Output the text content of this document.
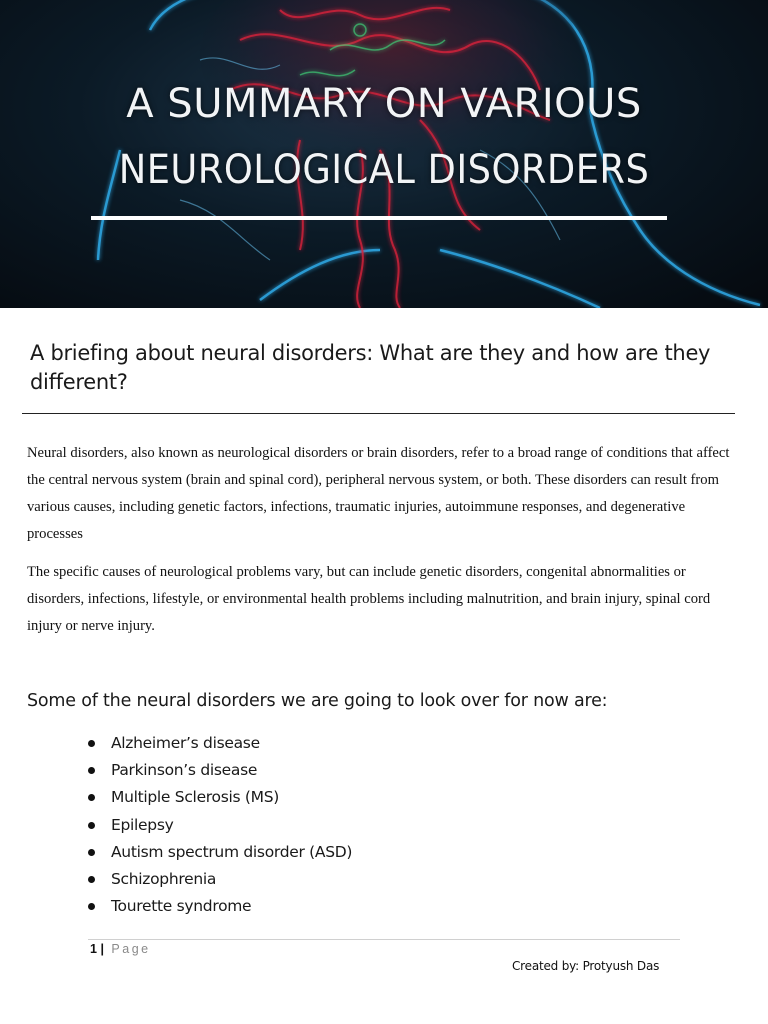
A SUMMARY ON VARIOUS
NEUROLOGICAL DISORDERS
A briefing about neural disorders: What are they and how are they different?
Neural disorders, also known as neurological disorders or brain disorders, refer to a broad range of conditions that affect the central nervous system (brain and spinal cord), peripheral nervous system, or both. These disorders can result from various causes, including genetic factors, infections, traumatic injuries, autoimmune responses, and degenerative processes
The specific causes of neurological problems vary, but can include genetic disorders, congenital abnormalities or disorders, infections, lifestyle, or environmental health problems including malnutrition, and brain injury, spinal cord injury or nerve injury.
Some of the neural disorders we are going to look over for now are:
Alzheimer’s disease
Parkinson’s disease
Multiple Sclerosis (MS)
Epilepsy
Autism spectrum disorder (ASD)
Schizophrenia
Tourette syndrome
1 | Page
Created by: Protyush Das
